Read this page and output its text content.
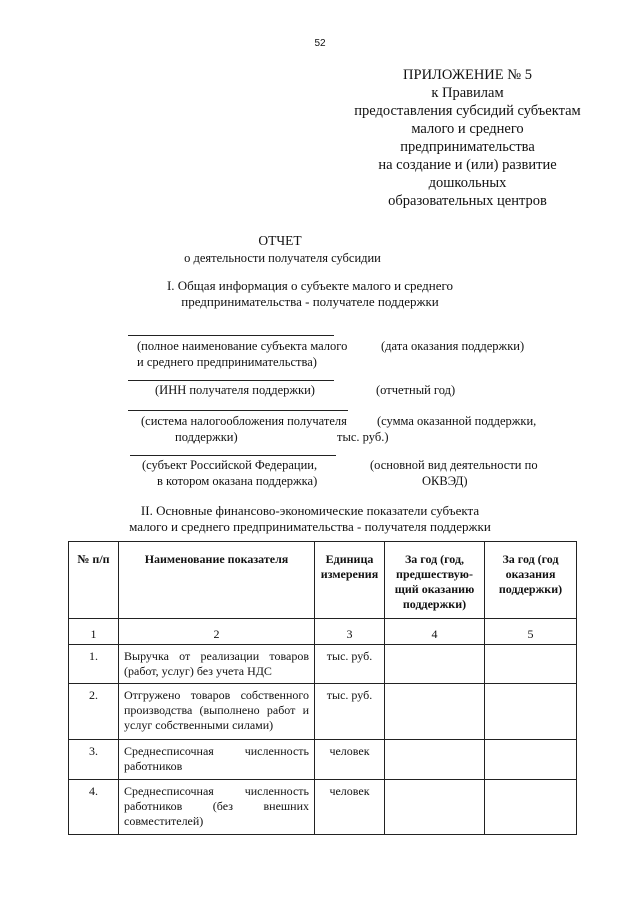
52
ПРИЛОЖЕНИЕ № 5
к Правилам
предоставления субсидий субъектам
малого и среднего
предпринимательства
на создание и (или) развитие
дошкольных
образовательных центров
ОТЧЕТ
о деятельности получателя субсидии
I. Общая информация о субъекте малого и среднего
предпринимательства - получателе поддержки
(полное наименование субъекта малого
и среднего предпринимательства)
(дата оказания поддержки)
(ИНН получателя поддержки)	(отчетный год)
(система налогообложения получателя
поддержки)
(сумма оказанной поддержки,
тыс. руб.)
(субъект Российской Федерации,
в котором оказана поддержка)
(основной вид деятельности по
ОКВЭД)
II. Основные финансово-экономические показатели субъекта
малого и среднего предпринимательства - получателя поддержки
№ п/п	Наименование показателя	Единица измерения	За год (год, предшествую-щий оказанию поддержки)	За год (год оказания поддержки)
1	2	3	4	5
1.	Выручка от реализации товаров (работ, услуг) без учета НДС	тыс. руб.		
2.	Отгружено товаров собственного производства (выполнено работ и услуг собственными силами)	тыс. руб.		
3.	Среднесписочная численность работников	человек		
4.	Среднесписочная численность работников (без внешних совместителей)	человек		
